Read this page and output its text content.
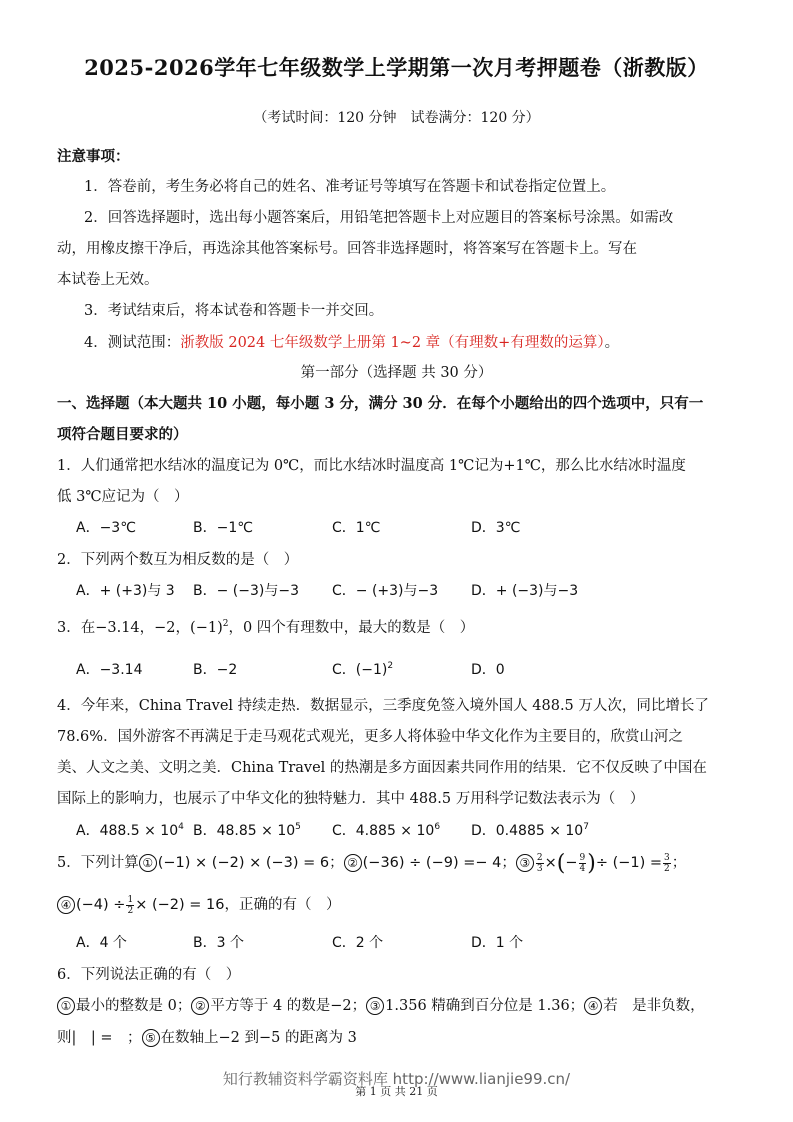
2025-2026学年七年级数学上学期第一次月考押题卷（浙教版）
（考试时间：120 分钟　试卷满分：120 分）
注意事项：
1．答卷前，考生务必将自己的姓名、准考证号等填写在答题卡和试卷指定位置上。
2．回答选择题时，选出每小题答案后，用铅笔把答题卡上对应题目的答案标号涂黑。如需改
动，用橡皮擦干净后，再选涂其他答案标号。回答非选择题时，将答案写在答题卡上。写在
本试卷上无效。
3．考试结束后，将本试卷和答题卡一并交回。
4．测试范围：浙教版 2024 七年级数学上册第 1~2 章（有理数+有理数的运算）。
第一部分（选择题 共 30 分）
一、选择题（本大题共 10 小题，每小题 3 分，满分 30 分．在每个小题给出的四个选项中，只有一
项符合题目要求的）
1．人们通常把水结冰的温度记为 0℃，而比水结冰时温度高 1℃记为+1℃，那么比水结冰时温度
低 3℃应记为（　）
A．−3℃	B．−1℃	C．1℃	D．3℃
2．下列两个数互为相反数的是（　）
A．+ (+3)与 3 B．− (−3)与−3 C．− (+3)与−3 D．+ (−3)与−3
3．在−3.14，−2，$(-1)^2$，0 四个有理数中，最大的数是（　）
A．−3.14	B．−2	C．$(-1)^2$	D．0
4．今年来，China Travel 持续走热．数据显示，三季度免签入境外国人 488.5 万人次，同比增长了
78.6%．国外游客不再满足于走马观花式观光，更多人将体验中华文化作为主要目的，欣赏山河之
美、人文之美、文明之美．China Travel 的热潮是多方面因素共同作用的结果．它不仅反映了中国在
国际上的影响力，也展示了中华文化的独特魅力．其中 488.5 万用科学记数法表示为（　）
A．$488.5 \times 10^4$ B．$48.85 \times 10^5$ C．$4.885 \times 10^6$ D．$0.4885 \times 10^7$
5．下列计算 ① (−1) × (−2) × (−3) = 6； ② (−36) ÷ (−9) =− 4； ③ $\frac{2}{3}$ ×(− $\frac{9}{4}$ )÷ $(-1) = \frac{3}{2}$ ；
④ $(-4) \div \frac{1}{2} \times (-2) = 16$，正确的有（　）
A．4 个	B．3 个	C．2 个	D．1 个
6．下列说法正确的有（　）
① 最小的整数是 0； ② 平方等于 4 的数是−2； ③ 1.356 精确到百分位是 1.36； ④ 若　是非负数，
则|　| =　； ⑤ 在数轴上−2 到−5 的距离为 3
知行教辅资料学霸资料库 http://www.lianjie99.cn/
第 1 页 共 21 页
